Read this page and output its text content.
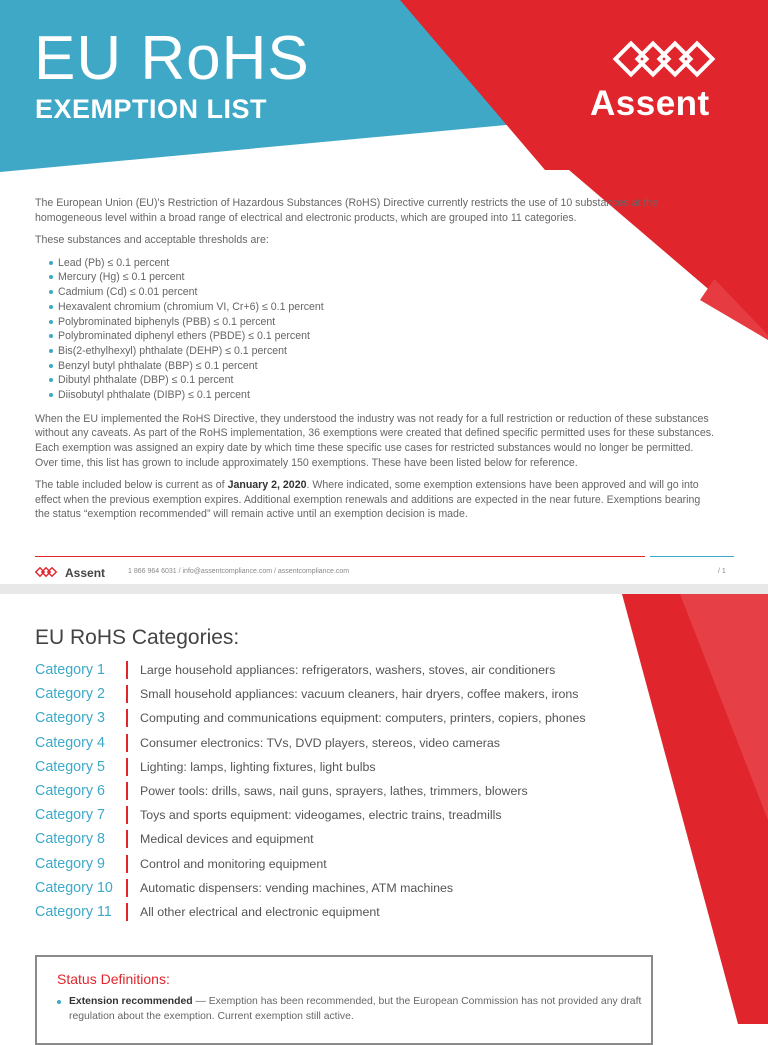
EU RoHS
EXEMPTION LIST	Assent

The European Union (EU)'s Restriction of Hazardous Substances (RoHS) Directive currently restricts the use of 10 substances at the homogeneous level within a broad range of electrical and electronic products, which are grouped into 11 categories.

These substances and acceptable thresholds are:

Lead (Pb) ≤ 0.1 percent
Mercury (Hg) ≤ 0.1 percent
Cadmium (Cd) ≤ 0.01 percent
Hexavalent chromium (chromium VI, Cr+6) ≤ 0.1 percent
Polybrominated biphenyls (PBB) ≤ 0.1 percent
Polybrominated diphenyl ethers (PBDE) ≤ 0.1 percent
Bis(2-ethylhexyl) phthalate (DEHP) ≤ 0.1 percent
Benzyl butyl phthalate (BBP) ≤ 0.1 percent
Dibutyl phthalate (DBP) ≤ 0.1 percent
Diisobutyl phthalate (DIBP) ≤ 0.1 percent

When the EU implemented the RoHS Directive, they understood the industry was not ready for a full restriction or reduction of these substances without any caveats. As part of the RoHS implementation, 36 exemptions were created that defined specific permitted uses for these substances. Each exemption was assigned an expiry date by which time these specific use cases for restricted substances would no longer be permitted. Over time, this list has grown to include approximately 150 exemptions. These have been listed below for reference.

The table included below is current as of January 2, 2020. Where indicated, some exemption extensions have been approved and will go into effect when the previous exemption expires. Additional exemption renewals and additions are expected in the near future. Exemptions bearing the status “exemption recommended” will remain active until an exemption decision is made.

Assent	1 866 964 6031 / info@assentcompliance.com / assentcompliance.com	/ 1
EU RoHS Categories:
Category 1	Large household appliances: refrigerators, washers, stoves, air conditioners
Category 2	Small household appliances: vacuum cleaners, hair dryers, coffee makers, irons
Category 3	Computing and communications equipment: computers, printers, copiers, phones
Category 4	Consumer electronics: TVs, DVD players, stereos, video cameras
Category 5	Lighting: lamps, lighting fixtures, light bulbs
Category 6	Power tools: drills, saws, nail guns, sprayers, lathes, trimmers, blowers
Category 7	Toys and sports equipment: videogames, electric trains, treadmills
Category 8	Medical devices and equipment
Category 9	Control and monitoring equipment
Category 10	Automatic dispensers: vending machines, ATM machines
Category 11	All other electrical and electronic equipment
Status Definitions:
Extension recommended — Exemption has been recommended, but the European Commission has not provided any draft regulation about the exemption. Current exemption still active.
